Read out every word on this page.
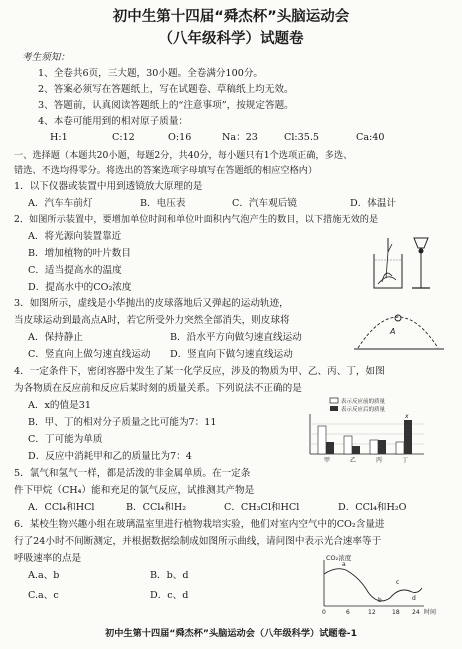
初中生第十四届“舜杰杯”头脑运动会
（八年级科学）试题卷
考生须知：
1、全卷共6页，三大题，30小题。全卷满分100分。
2、答案必须写在答题纸上，写在试题卷、草稿纸上均无效。
3、答题前，认真阅读答题纸上的“注意事项”，按规定答题。
4、本卷可能用到的相对原子质量：
H:1	C:12	O:16	Na：23	Cl:35.5	Ca:40
一、选择题（本题共20小题，每题2分，共40分，每小题只有1个选项正确，多选、
错选、不选均得零分。将选出的答案选项字母填写在答题纸的相应空格内）
1．以下仪器或装置中用到透镜放大原理的是
A．汽车车前灯	B．电压表	C．汽车观后镜	D．体温计
2．如图所示装置中，要增加单位时间和单位叶面积内气泡产生的数目，以下措施无效的是
A．将光源向装置靠近
B．增加植物的叶片数目
C．适当提高水的温度
D．提高水中的CO₂浓度
3．如图所示，虚线是小华抛出的皮球落地后又弹起的运动轨迹，
当皮球运动到最高点A时，若它所受外力突然全部消失，则皮球将
A．保持静止	B．沿水平方向做匀速直线运动
C．竖直向上做匀速直线运动 D．竖直向下做匀速直线运动
A
4．一定条件下，密闭容器中发生了某一化学反应，涉及的物质为甲、乙、丙、丁，如图
为各物质在反应前和反应后某时刻的质量关系。下列说法不正确的是
A．x的值是31
B．甲、丁的相对分子质量之比可能为7：11
C．丁可能为单质
D．反应中消耗甲和乙的质量比为7：4
表示反应前的质量
表示反应后的质量
x
甲	乙	丙	丁
5．氯气和氢气一样，都是活泼的非金属单质。在一定条
件下甲烷（CH₄）能和充足的氯气反应，试推测其产物是
A．CCl₄和HCl	B．CCl₄和H₂	C．CH₃Cl和HCl	D．CCl₄和H₂O
6．某校生物兴趣小组在玻璃温室里进行植物栽培实验，他们对室内空气中的CO₂含量进
行了24小时不间断测定，并根据数据绘制成如图所示曲线，请问图中表示光合速率等于
呼吸速率的点是
A.a、b	B．b、d
C.a、c	D．c、d
CO₂浓度
a
b
c
d
0	6	12	18 24 时间
初中生第十四届“舜杰杯”头脑运动会（八年级科学）试题卷-1
